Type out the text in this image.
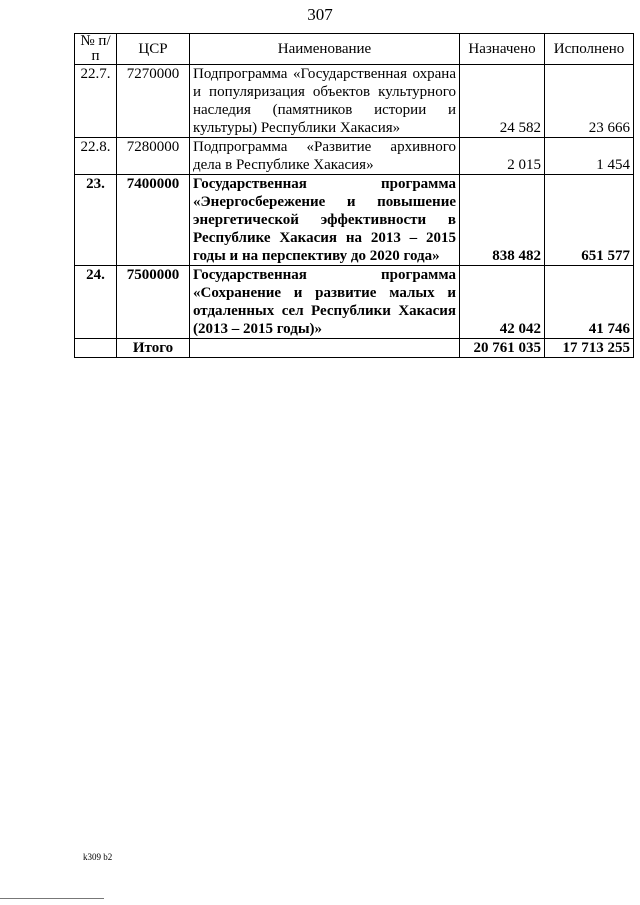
307
№ п/п	ЦСР	Наименование	Назначено	Исполнено
22.7.	7270000	Подпрограмма «Государственная охрана и популяризация объектов культурного наследия (памятников истории и культуры) Республики Хакасия»	24 582	23 666
22.8.	7280000	Подпрограмма «Развитие архивного дела в Республике Хакасия»	2 015	1 454
23.	7400000	Государственная программа «Энергосбережение и повышение энергетической эффективности в Республике Хакасия на 2013 – 2015 годы и на перспективу до 2020 года»	838 482	651 577
24.	7500000	Государственная программа «Сохранение и развитие малых и отдаленных сел Республики Хакасия (2013 – 2015 годы)»	42 042	41 746
	Итого		20 761 035	17 713 255
k309 b2
